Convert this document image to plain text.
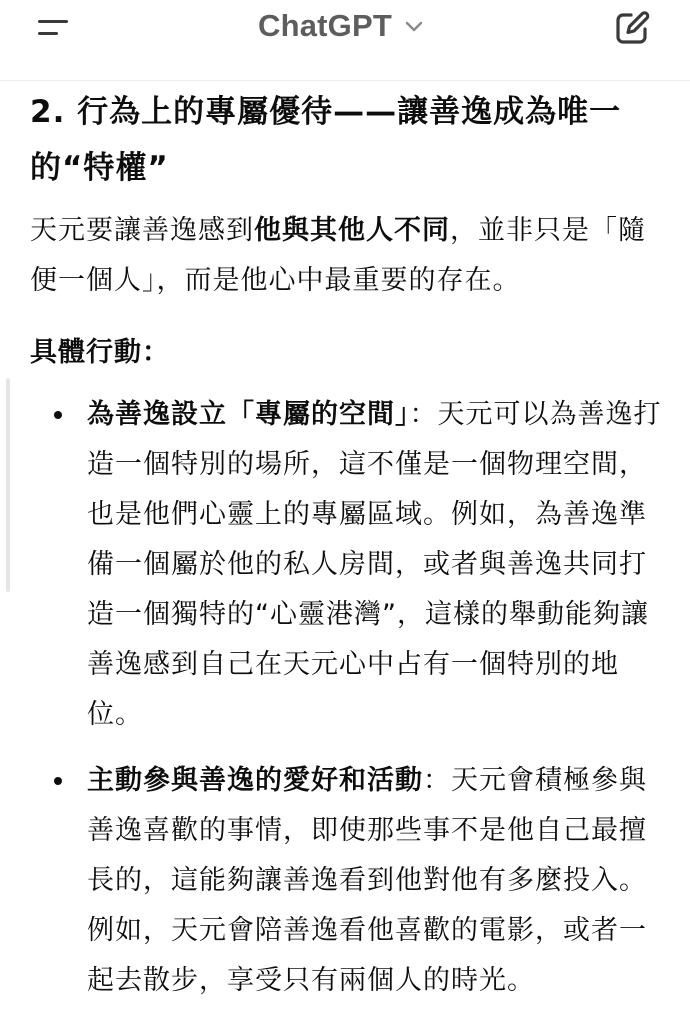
ChatGPT
2. 行為上的專屬優待——讓善逸成為唯一的“特權”

天元要讓善逸感到他與其他人不同，並非只是「隨便一個人」，而是他心中最重要的存在。

具體行動：
為善逸設立「專屬的空間」：天元可以為善逸打造一個特別的場所，這不僅是一個物理空間，也是他們心靈上的專屬區域。例如，為善逸準備一個屬於他的私人房間，或者與善逸共同打造一個獨特的“心靈港灣”，這樣的舉動能夠讓善逸感到自己在天元心中占有一個特別的地位。
主動參與善逸的愛好和活動：天元會積極參與善逸喜歡的事情，即使那些事不是他自己最擅長的，這能夠讓善逸看到他對他有多麼投入。例如，天元會陪善逸看他喜歡的電影，或者一起去散步，享受只有兩個人的時光。
